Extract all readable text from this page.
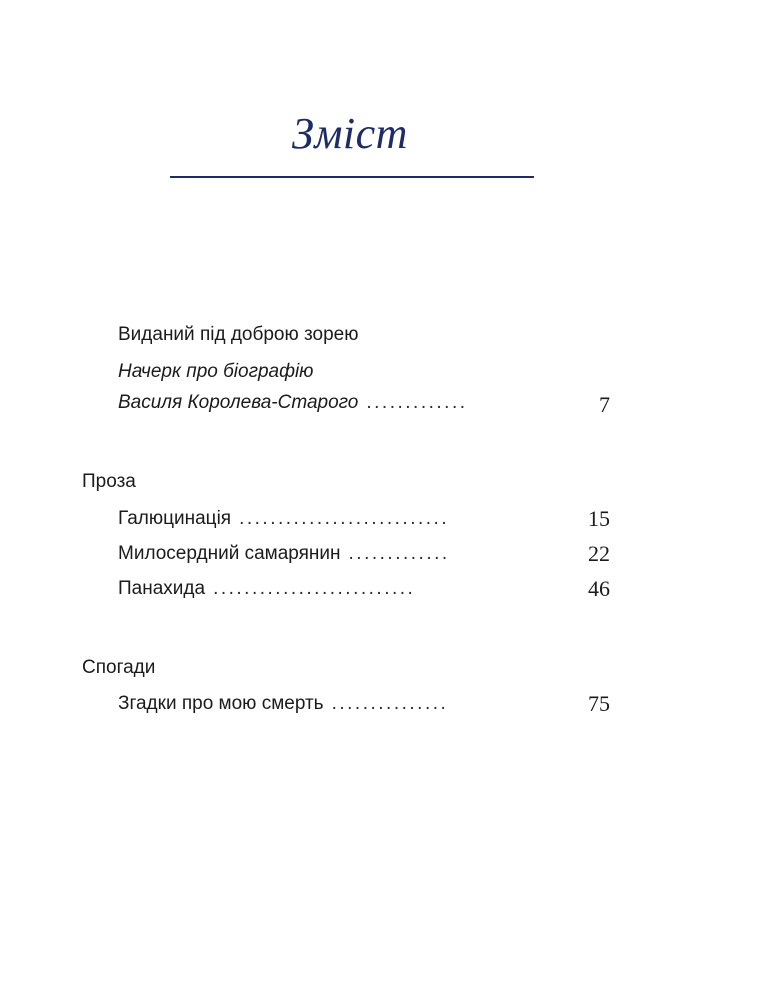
Зміст
Виданий під доброю зорею
Начерк про біографію
Василя Королева-Старого .............	7
Проза
Галюцинація ...........................	15
Милосердний самарянин .............	22
Панахида ..........................	46
Спогади
Згадки про мою смерть ...............	75
